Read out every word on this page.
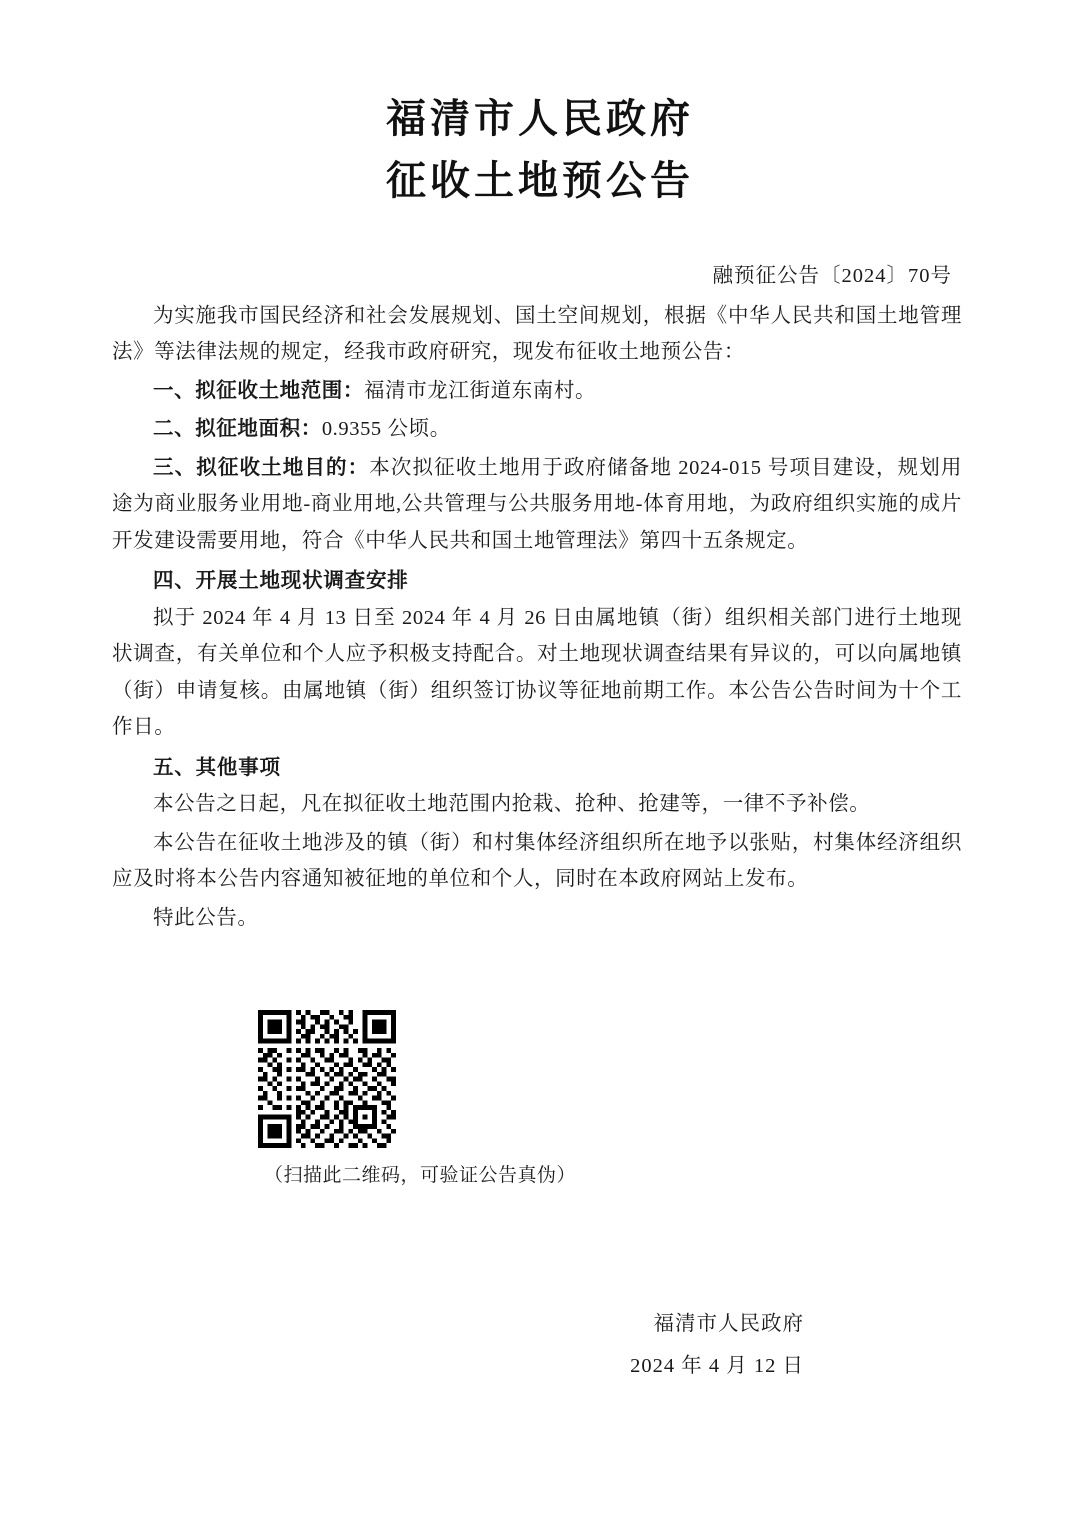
福清市人民政府
征收土地预公告
融预征公告〔2024〕70号

为实施我市国民经济和社会发展规划、国土空间规划，根据《中华人民共和国土地管理法》等法律法规的规定，经我市政府研究，现发布征收土地预公告：

一、拟征收土地范围：福清市龙江街道东南村。

二、拟征地面积：0.9355 公顷。

三、拟征收土地目的：本次拟征收土地用于政府储备地 2024-015 号项目建设，规划用途为商业服务业用地-商业用地,公共管理与公共服务用地-体育用地，为政府组织实施的成片开发建设需要用地，符合《中华人民共和国土地管理法》第四十五条规定。

四、开展土地现状调查安排

拟于 2024 年 4 月 13 日至 2024 年 4 月 26 日由属地镇（街）组织相关部门进行土地现状调查，有关单位和个人应予积极支持配合。对土地现状调查结果有异议的，可以向属地镇（街）申请复核。由属地镇（街）组织签订协议等征地前期工作。本公告公告时间为十个工作日。

五、其他事项

本公告之日起，凡在拟征收土地范围内抢栽、抢种、抢建等，一律不予补偿。

本公告在征收土地涉及的镇（街）和村集体经济组织所在地予以张贴，村集体经济组织应及时将本公告内容通知被征地的单位和个人，同时在本政府网站上发布。

特此公告。

（扫描此二维码，可验证公告真伪）
福清市人民政府
2024 年 4 月 12 日
